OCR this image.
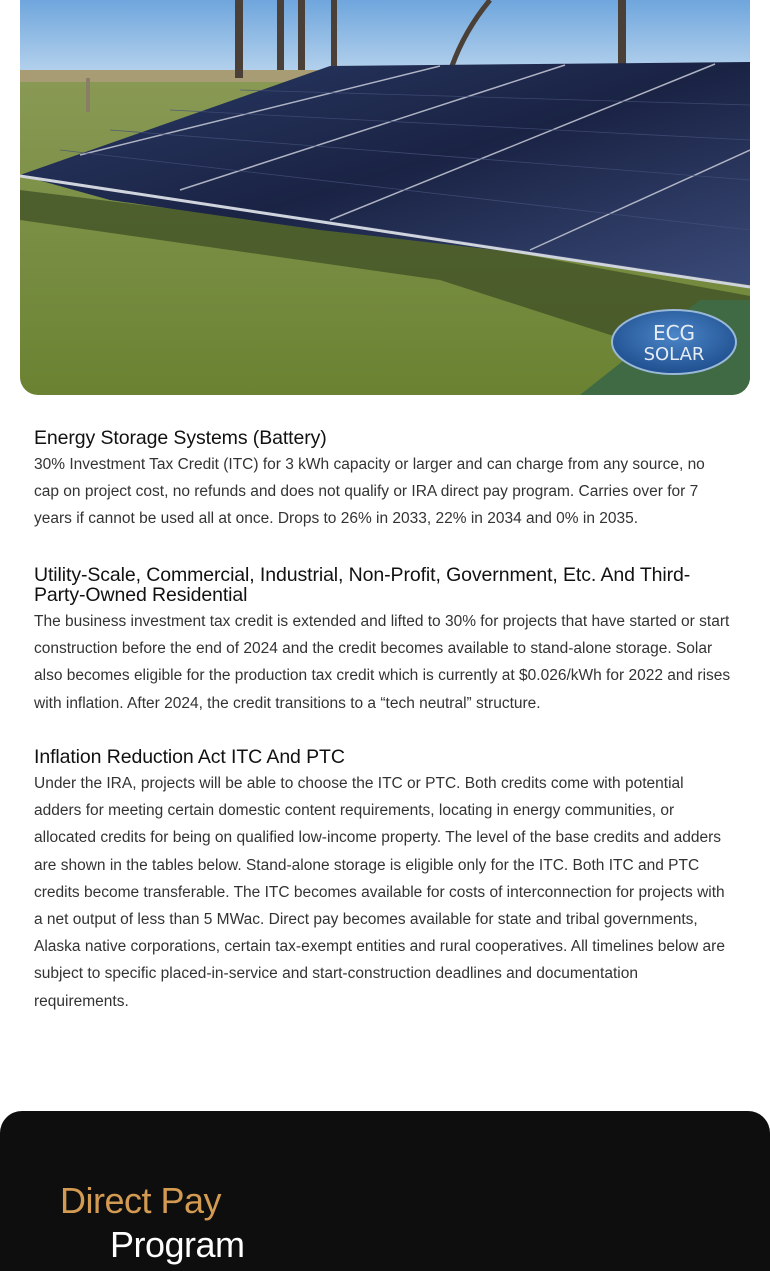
ECG
SOLAR
Energy Storage Systems (Battery)

30% Investment Tax Credit (ITC) for 3 kWh capacity or larger and can charge from any source, no cap on project cost, no refunds and does not qualify or IRA direct pay program. Carries over for 7 years if cannot be used all at once. Drops to 26% in 2033, 22% in 2034 and 0% in 2035.

Utility-Scale, Commercial, Industrial, Non-Profit, Government, Etc. And Third-Party-Owned Residential

The business investment tax credit is extended and lifted to 30% for projects that have started or start construction before the end of 2024 and the credit becomes available to stand-alone storage. Solar also becomes eligible for the production tax credit which is currently at $0.026/kWh for 2022 and rises with inflation. After 2024, the credit transitions to a “tech neutral” structure.

Inflation Reduction Act ITC And PTC

Under the IRA, projects will be able to choose the ITC or PTC. Both credits come with potential adders for meeting certain domestic content requirements, locating in energy communities, or allocated credits for being on qualified low-income property. The level of the base credits and adders are shown in the tables below. Stand-alone storage is eligible only for the ITC. Both ITC and PTC credits become transferable. The ITC becomes available for costs of interconnection for projects with a net output of less than 5 MWac. Direct pay becomes available for state and tribal governments, Alaska native corporations, certain tax-exempt entities and rural cooperatives. All timelines below are subject to specific placed-in-service and start-construction deadlines and documentation requirements.

Direct Pay
Program
